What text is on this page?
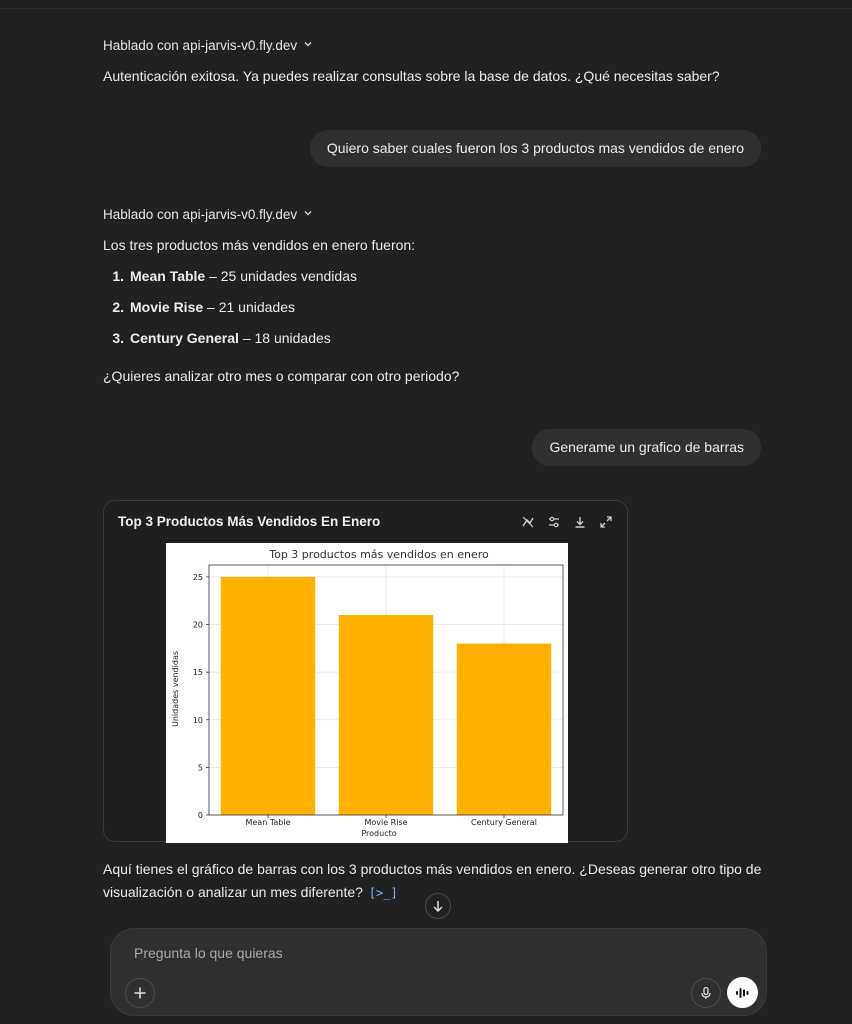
Hablado con api-jarvis-v0.fly.dev
Autenticación exitosa. Ya puedes realizar consultas sobre la base de datos. ¿Qué necesitas saber?
Quiero saber cuales fueron los 3 productos mas vendidos de enero
Hablado con api-jarvis-v0.fly.dev
Los tres productos más vendidos en enero fueron:
1. Mean Table – 25 unidades vendidas
2. Movie Rise – 21 unidades
3. Century General – 18 unidades
¿Quieres analizar otro mes o comparar con otro periodo?
Generame un grafico de barras
Top 3 Productos Más Vendidos En Enero
Top 3 productos más vendidos en enero
Unidades vendidas
Producto
0
5
10
15
20
25
Mean Table	Movie Rise	Century General
Aquí tienes el gráfico de barras con los 3 productos más vendidos en enero. ¿Deseas generar otro tipo de visualización o analizar un mes diferente? [>_]
Pregunta lo que quieras
